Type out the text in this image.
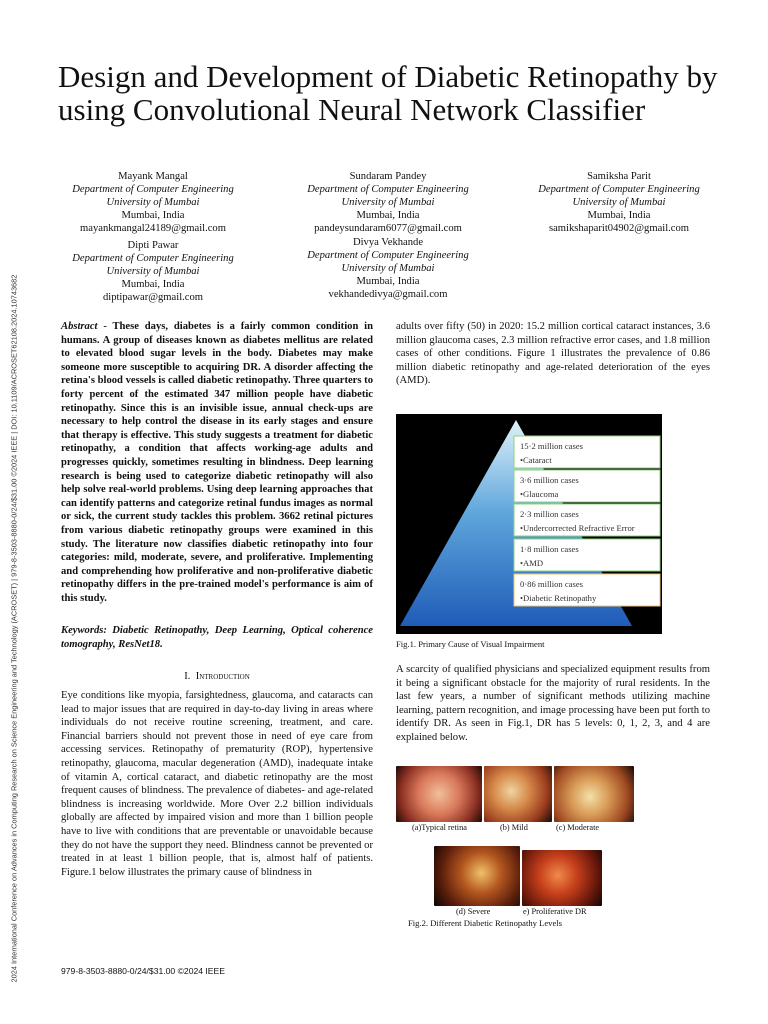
2024 International Conference on Advances in Computing Research on Science Engineering and Technology (ACROSET) | 979-8-3503-8880-0/24/$31.00 ©2024 IEEE | DOI: 10.1109/ACROSET62108.2024.10743682
Design and Development of Diabetic Retinopathy by using Convolutional Neural Network Classifier
Mayank Mangal
Department of Computer Engineering
University of Mumbai
Mumbai, India
mayankmangal24189@gmail.com
Sundaram Pandey
Department of Computer Engineering
University of Mumbai
Mumbai, India
pandeysundaram6077@gmail.com
Samiksha Parit
Department of Computer Engineering
University of Mumbai
Mumbai, India
samikshaparit04902@gmail.com
Dipti Pawar
Department of Computer Engineering
University of Mumbai
Mumbai, India
diptipawar@gmail.com
Divya Vekhande
Department of Computer Engineering
University of Mumbai
Mumbai, India
vekhandedivya@gmail.com
Abstract - These days, diabetes is a fairly common condition in humans. A group of diseases known as diabetes mellitus are related to elevated blood sugar levels in the body. Diabetes may make someone more susceptible to acquiring DR. A disorder affecting the retina's blood vessels is called diabetic retinopathy. Three quarters to forty percent of the estimated 347 million people have diabetic retinopathy. Since this is an invisible issue, annual check-ups are necessary to help control the disease in its early stages and ensure that therapy is effective. This study suggests a treatment for diabetic retinopathy, a condition that affects working-age adults and progresses quickly, sometimes resulting in blindness. Deep learning research is being used to categorize diabetic retinopathy will also help solve real-world problems. Using deep learning approaches that can identify patterns and categorize retinal fundus images as normal or sick, the current study tackles this problem. 3662 retinal pictures from various diabetic retinopathy groups were examined in this study. The literature now classifies diabetic retinopathy into four categories: mild, moderate, severe, and proliferative. Implementing and comprehending how proliferative and non-proliferative diabetic retinopathy differs in the pre-trained model's performance is aim of this study.
Keywords: Diabetic Retinopathy, Deep Learning, Optical coherence tomography, ResNet18.
I. Introduction
Eye conditions like myopia, farsightedness, glaucoma, and cataracts can lead to major issues that are required in day-to-day living in areas where individuals do not receive routine screening, treatment, and care. Financial barriers should not prevent those in need of eye care from accessing services. Retinopathy of prematurity (ROP), hypertensive retinopathy, glaucoma, macular degeneration (AMD), inadequate intake of vitamin A, cortical cataract, and diabetic retinopathy are the most frequent causes of blindness. The prevalence of diabetes- and age-related blindness is increasing worldwide. More Over 2.2 billion individuals globally are affected by impaired vision and more than 1 billion people have to live with conditions that are preventable or unavoidable because they do not have the support they need. Blindness cannot be prevented or treated in at least 1 billion people, that is, almost half of patients. Figure.1 below illustrates the primary cause of blindness in
adults over fifty (50) in 2020: 15.2 million cortical cataract instances, 3.6 million glaucoma cases, 2.3 million refractive error cases, and 1.8 million cases of other conditions. Figure 1 illustrates the prevalence of 0.86 million diabetic retinopathy and age-related deterioration of the eyes (AMD).
15·2 million cases
•Cataract
3·6 million cases
•Glaucoma
2·3 million cases
•Undercorrected Refractive Error
1·8 million cases
•AMD
0·86 million cases
•Diabetic Retinopathy
Fig.1. Primary Cause of Visual Impairment
A scarcity of qualified physicians and specialized equipment results from it being a significant obstacle for the majority of rural residents. In the last few years, a number of significant methods utilizing machine learning, pattern recognition, and image processing have been put forth to identify DR. As seen in Fig.1, DR has 5 levels: 0, 1, 2, 3, and 4 are explained below.
(a)Typical retina	(b) Mild	(c) Moderate
(d) Severe	e) Proliferative DR
Fig.2. Different Diabetic Retinopathy Levels
979-8-3503-8880-0/24/$31.00 ©2024 IEEE
